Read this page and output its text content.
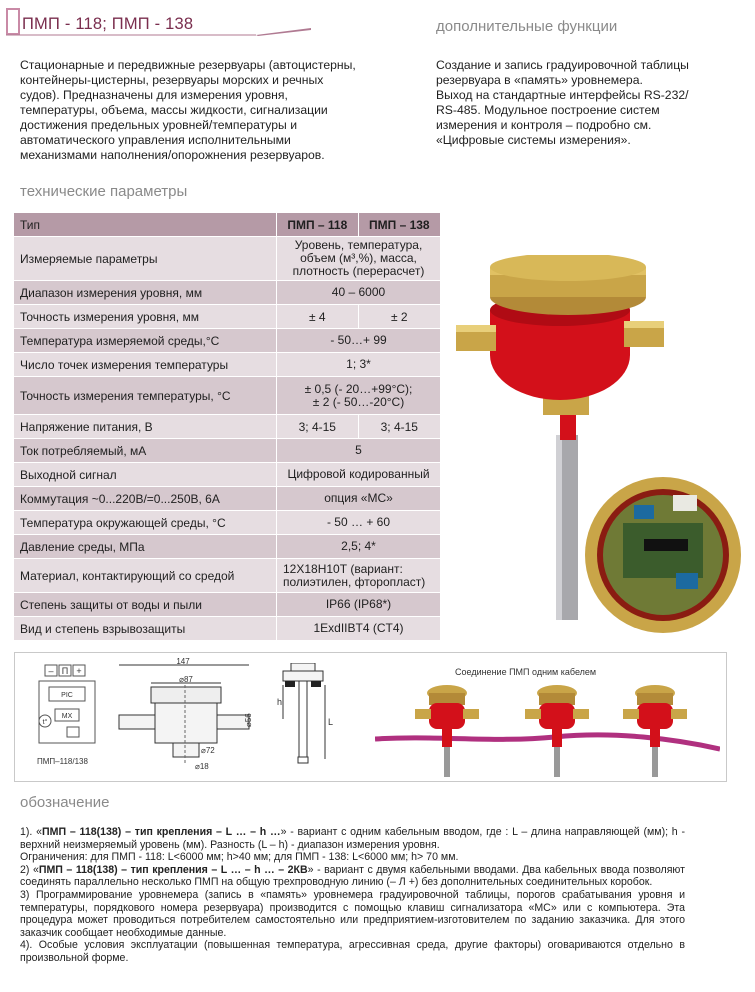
ПМП - 118; ПМП - 138	дополнительные функции
Стационарные и передвижные резервуары (автоцистерны,
контейнеры-цистерны, резервуары морских и речных
судов). Предназначены для измерения уровня,
температуры, объема, массы жидкости, сигнализации
достижения предельных уровней/температуры и
автоматического управления исполнительными
механизмами наполнения/опорожнения резервуаров.
Создание и запись градуировочной таблицы
резервуара в «память» уровнемера.
Выход на стандартные интерфейсы RS-232/
RS-485. Модульное построение систем
измерения и контроля – подробно см.
«Цифровые системы измерения».
технические параметры
Тип	ПМП – 118	ПМП – 138
Измеряемые параметры	Уровень, температура,
объем (м³,%), масса,
плотность (перерасчет)	
Диапазон измерения уровня, мм	40 – 6000	
Точность измерения уровня, мм	± 4	± 2
Температура измеряемой среды,°C	- 50…+ 99	
Число точек измерения температуры	1; 3*	
Точность измерения температуры, °C	± 0,5 (- 20…+99°C);
± 2 (- 50…-20°C)	
Напряжение питания, В	3; 4-15	3; 4-15
Ток потребляемый, мА	5	
Выходной сигнал	Цифровой кодированный	
Коммутация ~0...220В/=0...250В, 6А	опция «МС»	
Температура окружающей среды, °C	- 50 … + 60	
Давление среды, МПа	2,5; 4*	
Материал, контактирующий со средой	12Х18Н10Т (вариант:
полиэтилен, фторопласт)	
Степень защиты от воды и пыли	IP66 (IP68*)	
Вид и степень взрывозащиты	1ExdIIBT4 (CT4)	
– П +
PIC
MX
t°
ПМП–118/138
147
⌀87
⌀56
⌀72
⌀18
h
L
Соединение ПМП одним кабелем
обозначение

1). «ПМП – 118(138) – тип крепления – L … – h …» - вариант с одним кабельным вводом, где : L – длина направляющей (мм); h - верхний неизмеряемый уровень (мм). Разность (L – h) - диапазон измерения уровня.

Ограничения: для ПМП - 118: L<6000 мм; h>40 мм; для ПМП - 138: L<6000 мм; h> 70 мм.

2) «ПМП – 118(138) – тип крепления – L … – h … – 2КВ» - вариант с двумя кабельными вводами. Два кабельных ввода позволяют соединять параллельно несколько ПМП на общую трехпроводную линию (– Л +) без дополнительных соединительных коробок.

3) Программирование уровнемера (запись в «память» уровнемера градуировочной таблицы, порогов срабатывания уровня и температуры, порядкового номера резервуара) производится с помощью клавиш сигнализатора «МС» или с компьютера. Эта процедура может проводиться потребителем самостоятельно или предприятием-изготовителем по заданию заказчика. Для этого заказчик сообщает необходимые данные.

4). Особые условия эксплуатации (повышенная температура, агрессивная среда, другие факторы) оговариваются отдельно в произвольной форме.
